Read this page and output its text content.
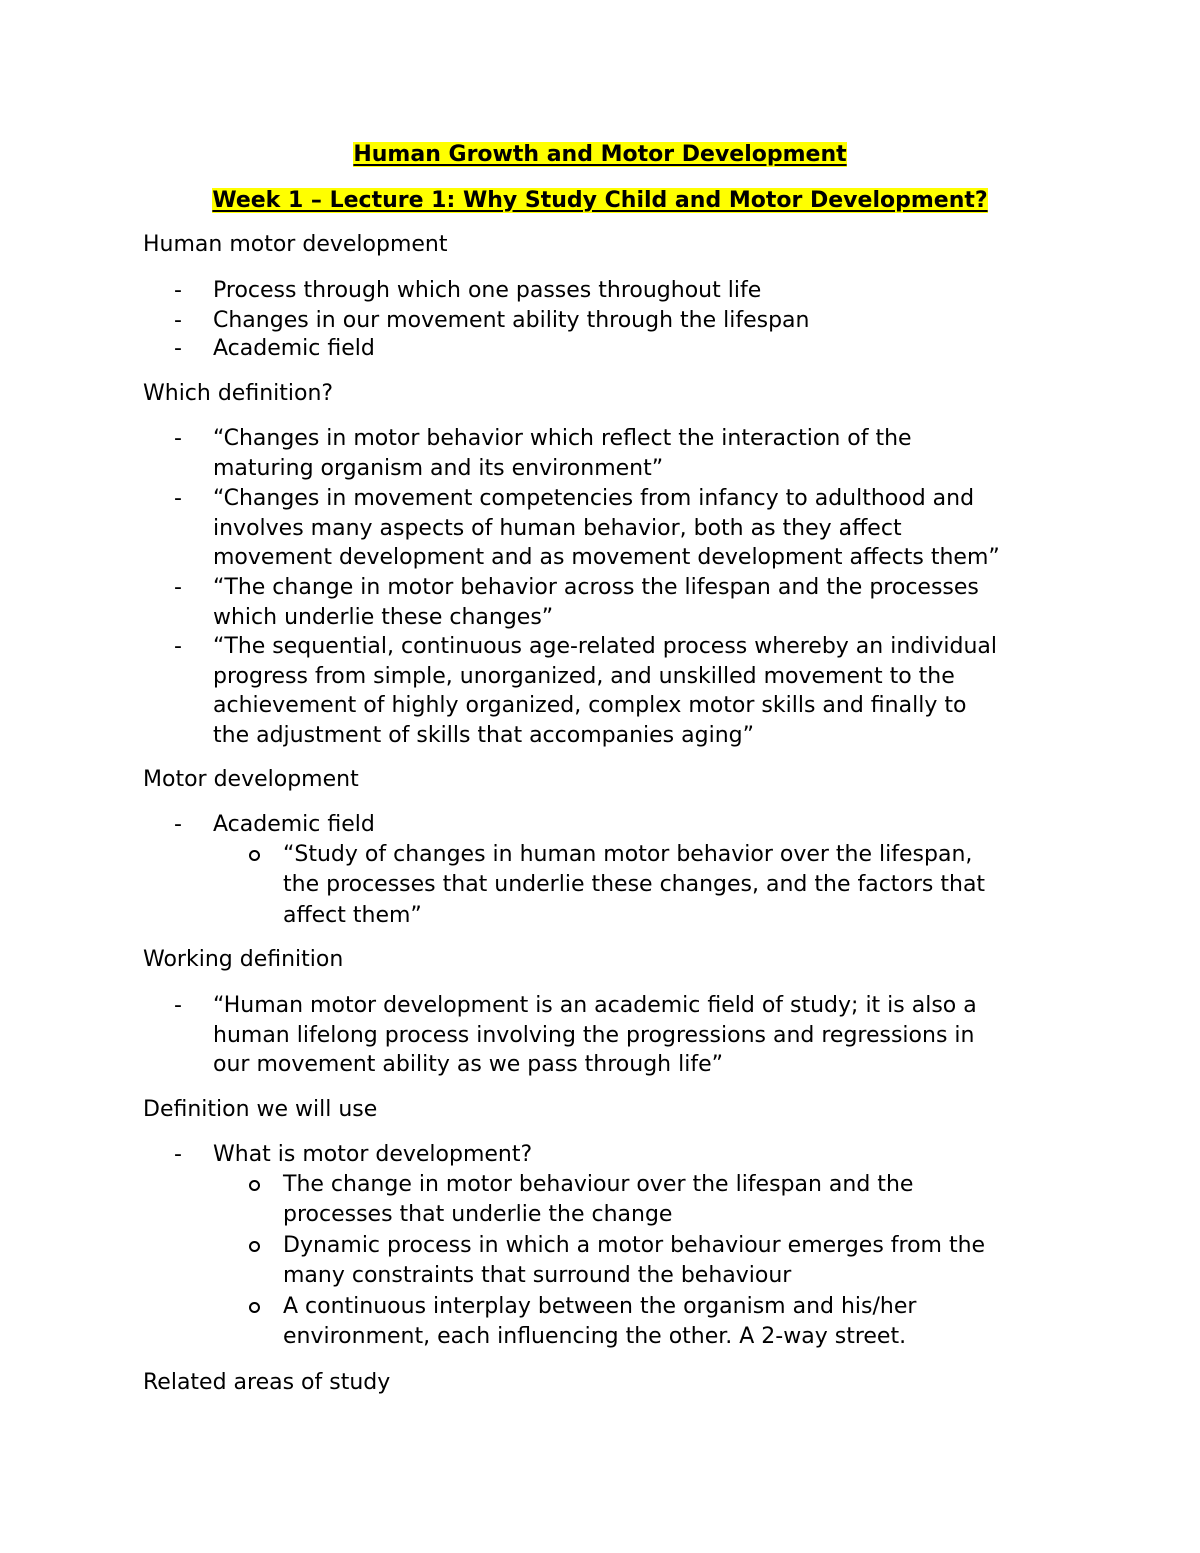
Human Growth and Motor Development
Week 1 – Lecture 1: Why Study Child and Motor Development?
Human motor development
-	Process through which one passes throughout life
-	Changes in our movement ability through the lifespan
-	Academic field
Which definition?
-	“Changes in motor behavior which reflect the interaction of the
maturing organism and its environment”
-	“Changes in movement competencies from infancy to adulthood and
involves many aspects of human behavior, both as they affect
movement development and as movement development affects them”
-	“The change in motor behavior across the lifespan and the processes
which underlie these changes”
-	“The sequential, continuous age-related process whereby an individual
progress from simple, unorganized, and unskilled movement to the
achievement of highly organized, complex motor skills and finally to
the adjustment of skills that accompanies aging”
Motor development
-	Academic field
“Study of changes in human motor behavior over the lifespan,
the processes that underlie these changes, and the factors that
affect them”
Working definition
-	“Human motor development is an academic field of study; it is also a
human lifelong process involving the progressions and regressions in
our movement ability as we pass through life”
Definition we will use
-	What is motor development?
The change in motor behaviour over the lifespan and the
processes that underlie the change
Dynamic process in which a motor behaviour emerges from the
many constraints that surround the behaviour
A continuous interplay between the organism and his/her
environment, each influencing the other. A 2-way street.
Related areas of study
